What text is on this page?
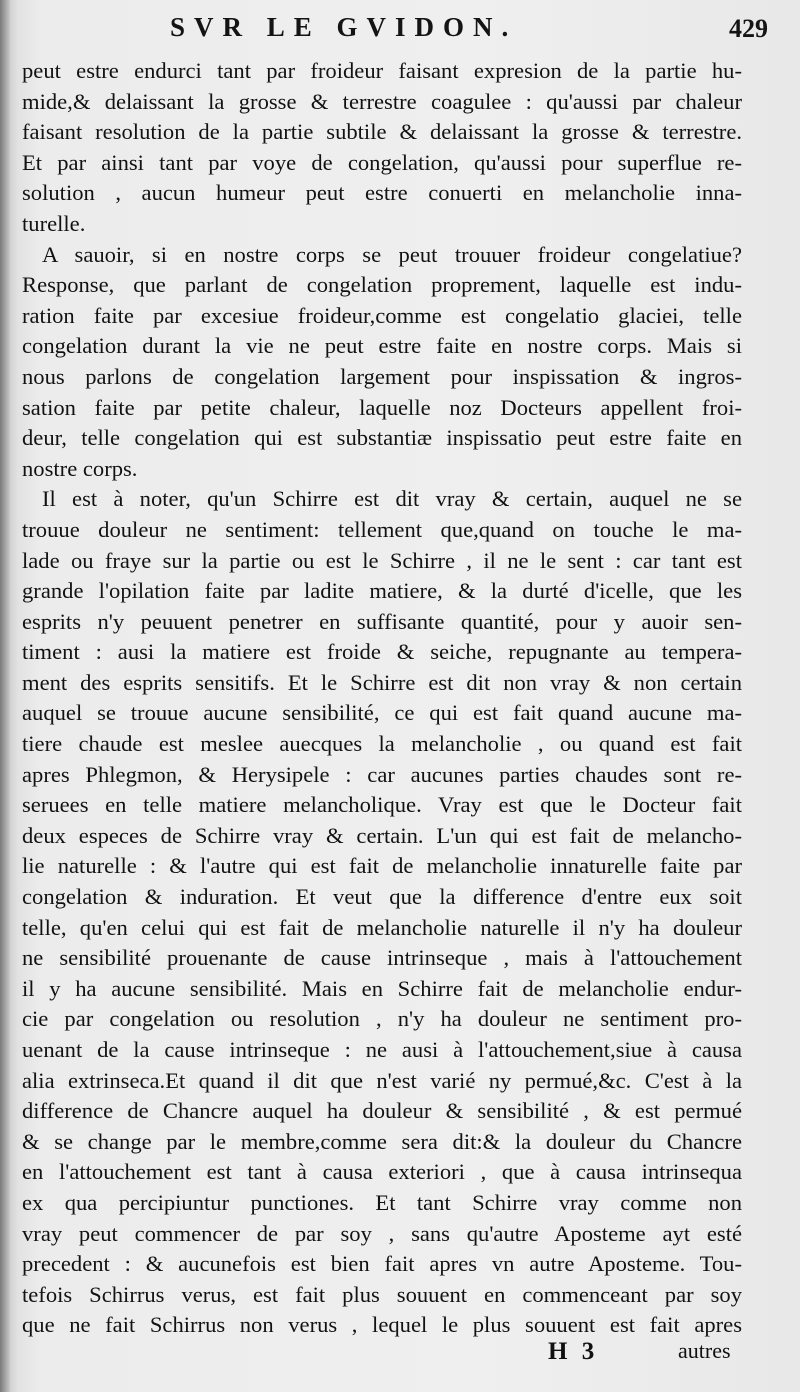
SVR LE GVIDON.	429
peut estre endurci tant par froideur faisant expresion de la partie hu-
mide,& delaissant la grosse & terrestre coagulee : qu'aussi par chaleur
faisant resolution de la partie subtile & delaissant la grosse & terrestre.
Et par ainsi tant par voye de congelation, qu'aussi pour superflue re-
solution , aucun humeur peut estre conuerti en melancholie inna-
turelle.
A sauoir, si en nostre corps se peut trouuer froideur congelatiue?
Response, que parlant de congelation proprement, laquelle est indu-
ration faite par excesiue froideur,comme est congelatio glaciei, telle
congelation durant la vie ne peut estre faite en nostre corps. Mais si
nous parlons de congelation largement pour inspissation & ingros-
sation faite par petite chaleur, laquelle noz Docteurs appellent froi-
deur, telle congelation qui est substantiæ inspissatio peut estre faite en
nostre corps.
Il est à noter, qu'un Schirre est dit vray & certain, auquel ne se
trouue douleur ne sentiment: tellement que,quand on touche le ma-
lade ou fraye sur la partie ou est le Schirre , il ne le sent : car tant est
grande l'opilation faite par ladite matiere, & la durté d'icelle, que les
esprits n'y peuuent penetrer en suffisante quantité, pour y auoir sen-
timent : ausi la matiere est froide & seiche, repugnante au tempera-
ment des esprits sensitifs. Et le Schirre est dit non vray & non certain
auquel se trouue aucune sensibilité, ce qui est fait quand aucune ma-
tiere chaude est meslee auecques la melancholie , ou quand est fait
apres Phlegmon, & Herysipele : car aucunes parties chaudes sont re-
seruees en telle matiere melancholique. Vray est que le Docteur fait
deux especes de Schirre vray & certain. L'un qui est fait de melancho-
lie naturelle : & l'autre qui est fait de melancholie innaturelle faite par
congelation & induration. Et veut que la difference d'entre eux soit
telle, qu'en celui qui est fait de melancholie naturelle il n'y ha douleur
ne sensibilité prouenante de cause intrinseque , mais à l'attouchement
il y ha aucune sensibilité. Mais en Schirre fait de melancholie endur-
cie par congelation ou resolution , n'y ha douleur ne sentiment pro-
uenant de la cause intrinseque : ne ausi à l'attouchement,siue à causa
alia extrinseca.Et quand il dit que n'est varié ny permué,&c. C'est à la
difference de Chancre auquel ha douleur & sensibilité , & est permué
& se change par le membre,comme sera dit:& la douleur du Chancre
en l'attouchement est tant à causa exteriori , que à causa intrinsequa
ex qua percipiuntur punctiones. Et tant Schirre vray comme non
vray peut commencer de par soy , sans qu'autre Aposteme ayt esté
precedent : & aucunefois est bien fait apres vn autre Aposteme. Tou-
tefois Schirrus verus, est fait plus souuent en commenceant par soy
que ne fait Schirrus non verus , lequel le plus souuent est fait apres
H 3	autres
